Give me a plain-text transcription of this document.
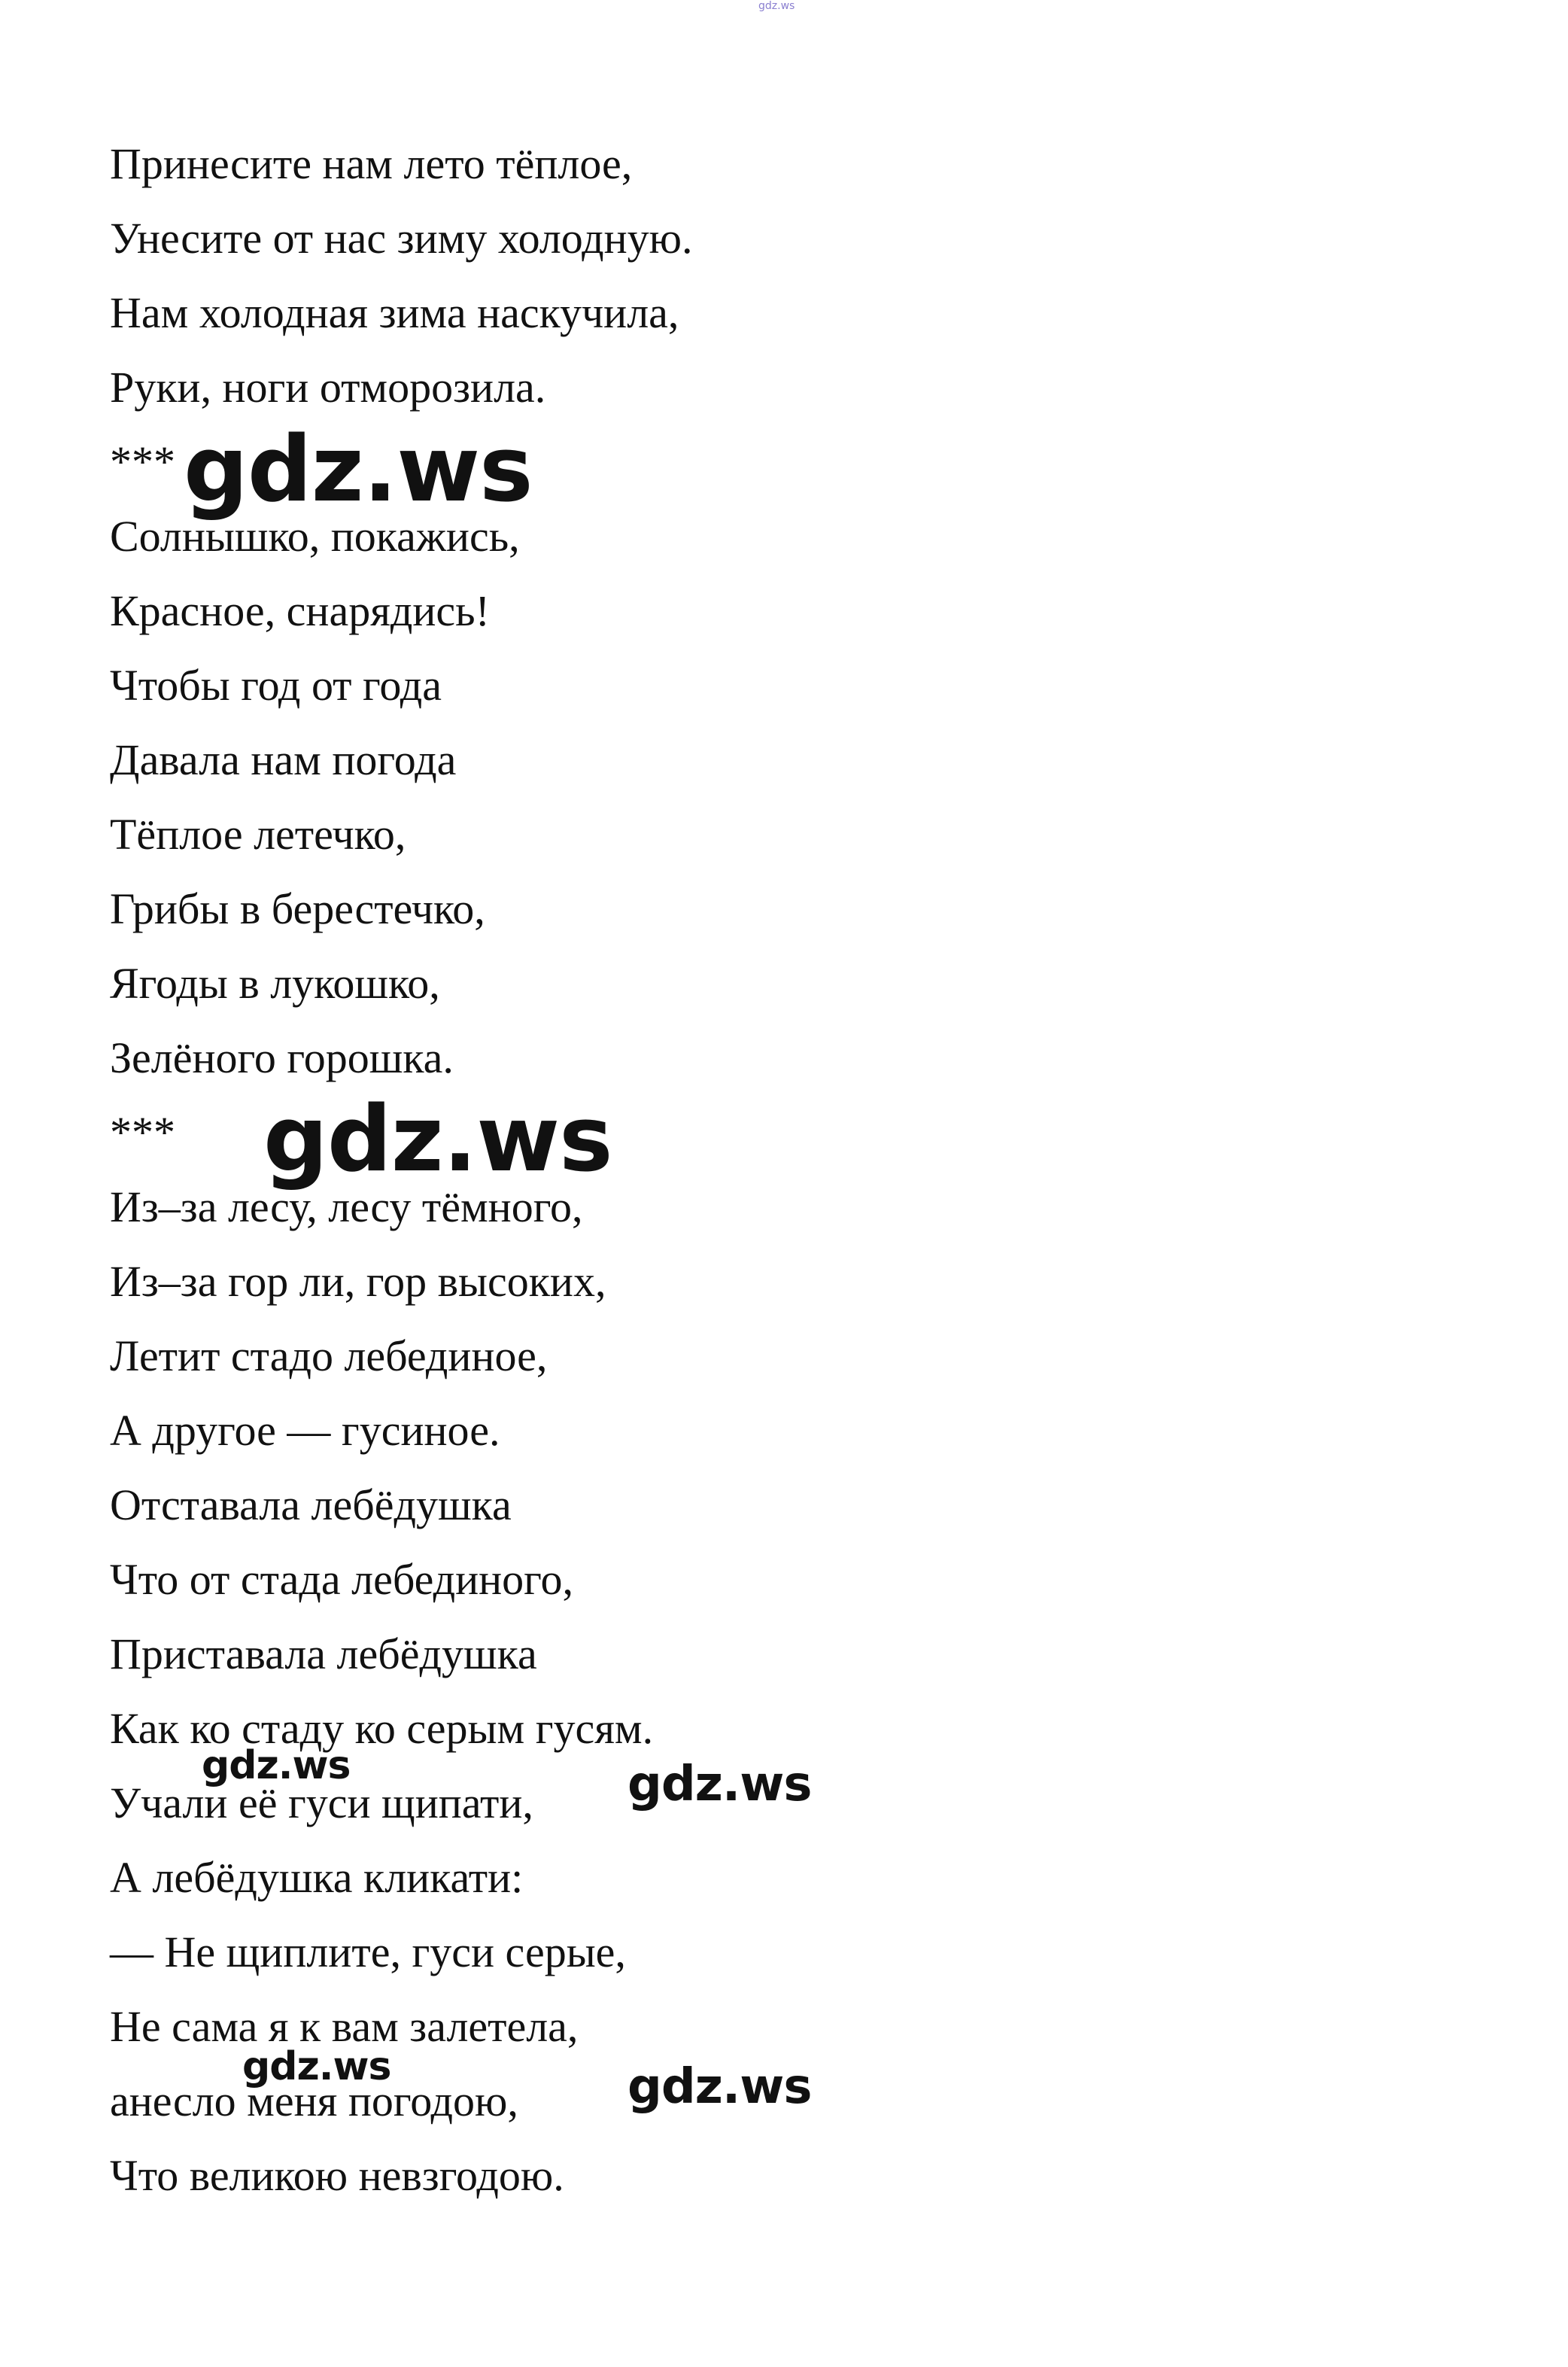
gdz.ws
Принесите нам лето тёплое,
Унесите от нас зиму холодную.
Нам холодная зима наскучила,
Руки, ноги отморозила.
***
Солнышко, покажись,
Красное, снарядись!
Чтобы год от года
Давала нам погода
Тёплое летечко,
Грибы в берестечко,
Ягоды в лукошко,
Зелёного горошка.
***
Из–за лесу, лесу тёмного,
Из–за гор ли, гор высоких,
Летит стадо лебединое,
А другое — гусиное.
Отставала лебёдушка
Что от стада лебединого,
Приставала лебёдушка
Как ко стаду ко серым гусям.
Учали её гуси щипати,
А лебёдушка кликати:
— Не щиплите, гуси серые,
Не сама я к вам залетела,
анесло меня погодою,
Что великою невзгодою.
gdz.ws
gdz.ws
gdz.ws	gdz.ws
gdz.ws	gdz.ws
